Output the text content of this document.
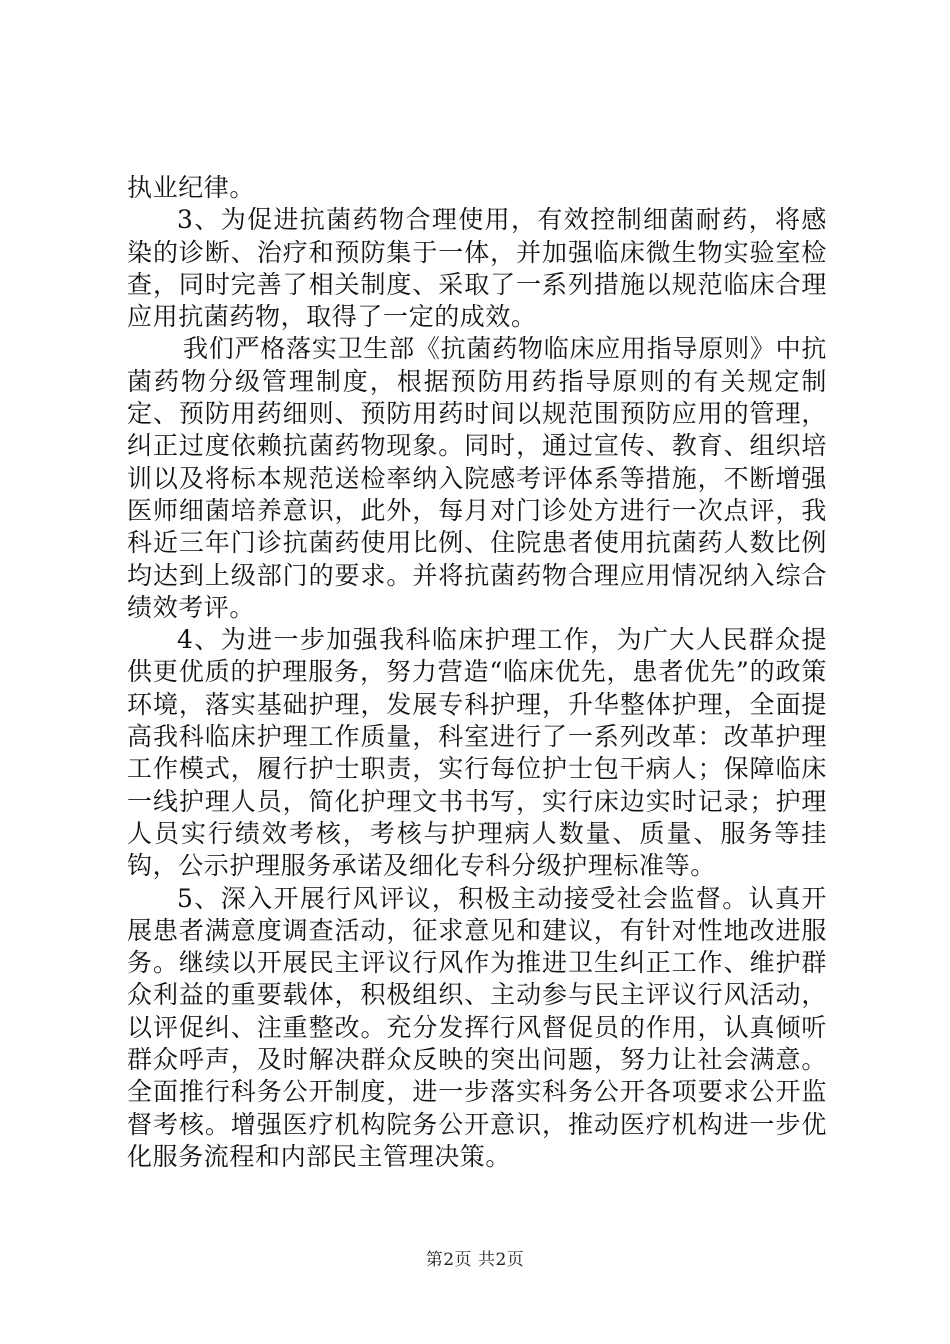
执业纪律。

3、为促进抗菌药物合理使用，有效控制细菌耐药，将感染的诊断、治疗和预防集于一体，并加强临床微生物实验室检查，同时完善了相关制度、采取了一系列措施以规范临床合理应用抗菌药物，取得了一定的成效。

我们严格落实卫生部《抗菌药物临床应用指导原则》中抗菌药物分级管理制度，根据预防用药指导原则的有关规定制定、预防用药细则、预防用药时间以规范围预防应用的管理，纠正过度依赖抗菌药物现象。同时，通过宣传、教育、组织培训以及将标本规范送检率纳入院感考评体系等措施，不断增强医师细菌培养意识，此外，每月对门诊处方进行一次点评，我科近三年门诊抗菌药使用比例、住院患者使用抗菌药人数比例均达到上级部门的要求。并将抗菌药物合理应用情况纳入综合绩效考评。

4、为进一步加强我科临床护理工作，为广大人民群众提供更优质的护理服务，努力营造“临床优先，患者优先”的政策环境，落实基础护理，发展专科护理，升华整体护理，全面提高我科临床护理工作质量，科室进行了一系列改革：改革护理工作模式，履行护士职责，实行每位护士包干病人；保障临床一线护理人员，简化护理文书书写，实行床边实时记录；护理人员实行绩效考核，考核与护理病人数量、质量、服务等挂钩，公示护理服务承诺及细化专科分级护理标准等。

5、深入开展行风评议，积极主动接受社会监督。认真开展患者满意度调查活动，征求意见和建议，有针对性地改进服务。继续以开展民主评议行风作为推进卫生纠正工作、维护群众利益的重要载体，积极组织、主动参与民主评议行风活动，以评促纠、注重整改。充分发挥行风督促员的作用，认真倾听群众呼声，及时解决群众反映的突出问题，努力让社会满意。全面推行科务公开制度，进一步落实科务公开各项要求公开监督考核。增强医疗机构院务公开意识，推动医疗机构进一步优化服务流程和内部民主管理决策。

第2页 共2页
